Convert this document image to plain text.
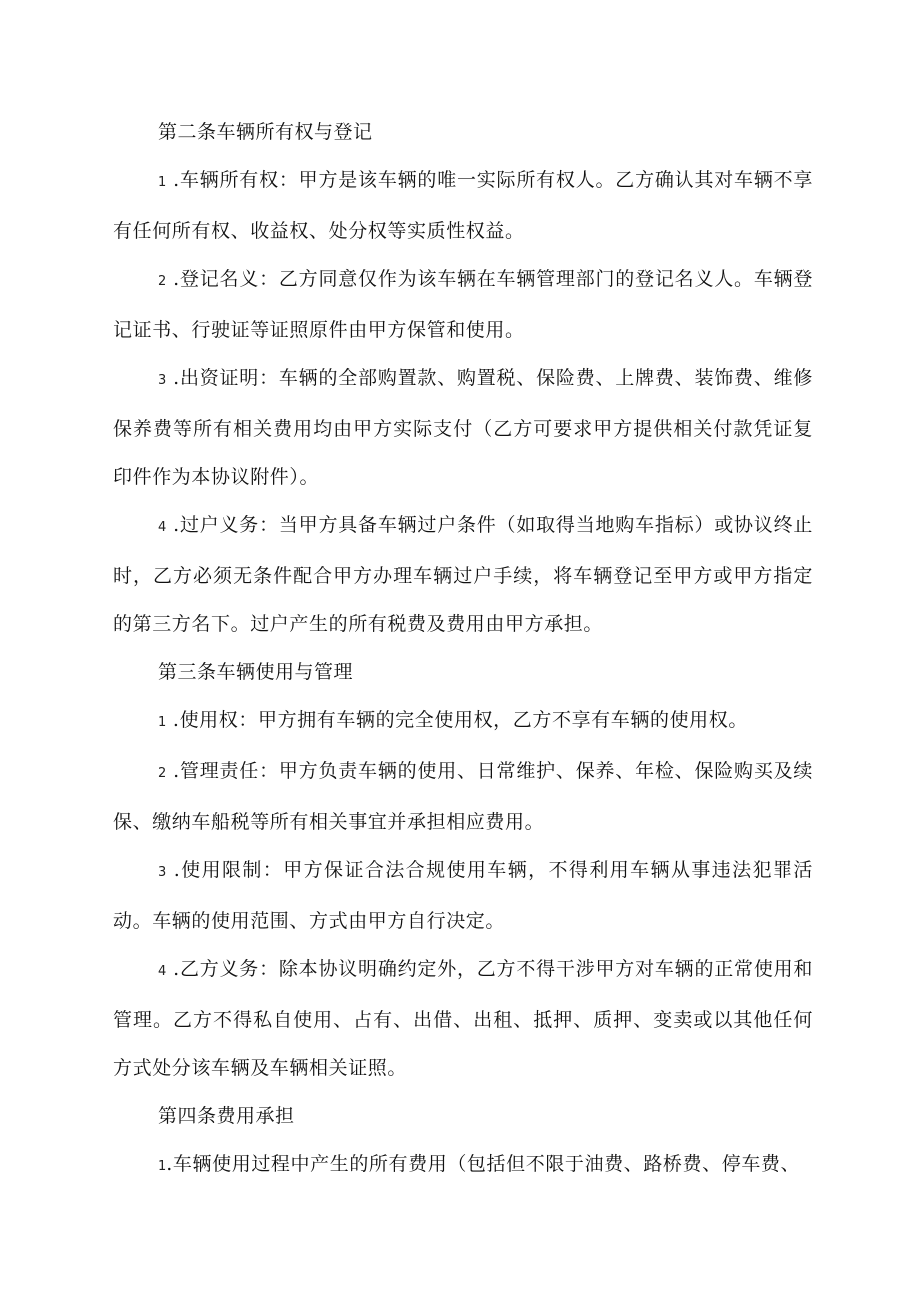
第二条车辆所有权与登记

1 .车辆所有权：甲方是该车辆的唯一实际所有权人。乙方确认其对车辆不享有任何所有权、收益权、处分权等实质性权益。

2 .登记名义：乙方同意仅作为该车辆在车辆管理部门的登记名义人。车辆登记证书、行驶证等证照原件由甲方保管和使用。

3 .出资证明：车辆的全部购置款、购置税、保险费、上牌费、装饰费、维修保养费等所有相关费用均由甲方实际支付（乙方可要求甲方提供相关付款凭证复印件作为本协议附件）。

4 .过户义务：当甲方具备车辆过户条件（如取得当地购车指标）或协议终止时，乙方必须无条件配合甲方办理车辆过户手续，将车辆登记至甲方或甲方指定的第三方名下。过户产生的所有税费及费用由甲方承担。

第三条车辆使用与管理

1 .使用权：甲方拥有车辆的完全使用权，乙方不享有车辆的使用权。

2 .管理责任：甲方负责车辆的使用、日常维护、保养、年检、保险购买及续保、缴纳车船税等所有相关事宜并承担相应费用。

3 .使用限制：甲方保证合法合规使用车辆，不得利用车辆从事违法犯罪活动。车辆的使用范围、方式由甲方自行决定。

4 .乙方义务：除本协议明确约定外，乙方不得干涉甲方对车辆的正常使用和管理。乙方不得私自使用、占有、出借、出租、抵押、质押、变卖或以其他任何方式处分该车辆及车辆相关证照。

第四条费用承担

1.车辆使用过程中产生的所有费用（包括但不限于油费、路桥费、停车费、
